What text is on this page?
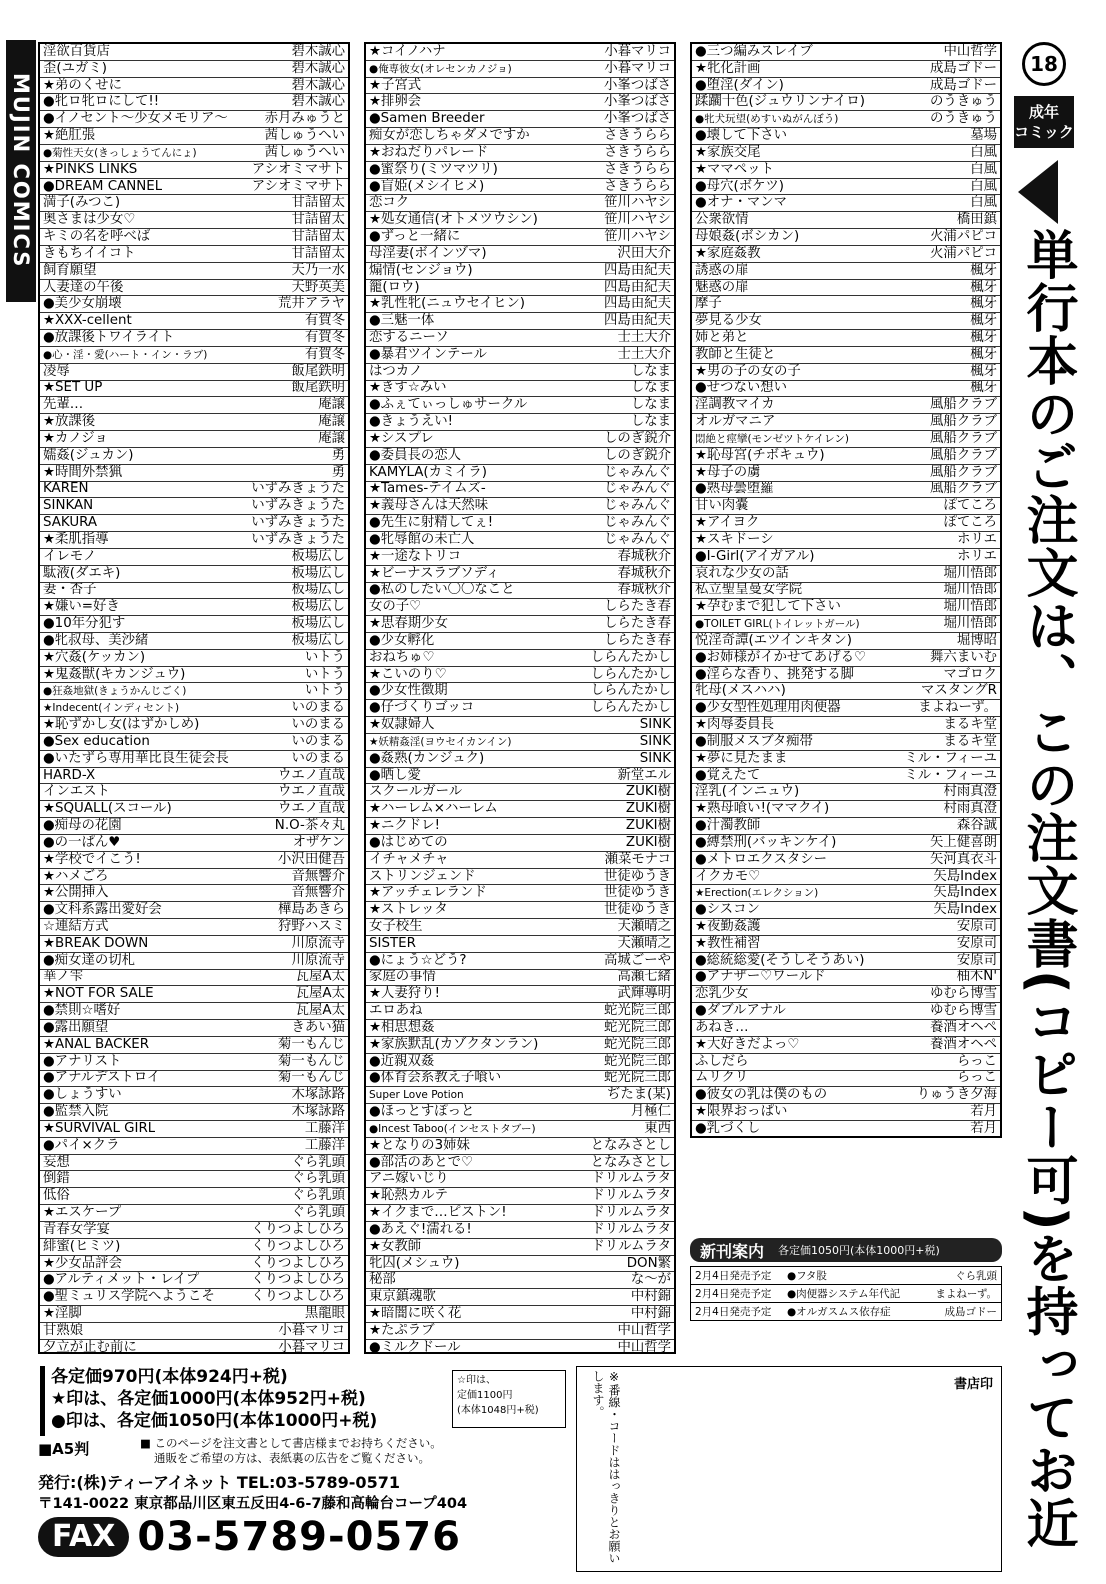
MUJIN COMICS
淫欲百貨店	碧木誠心
歪(ユガミ)	碧木誠心
★弟のくせに	碧木誠心
●牝ロ牝ロにして!!	碧木誠心
●イノセント〜少女メモリア〜	赤月みゅうと
★絶肛張	茜しゅうへい
●菊性天女(きっしょうてんにょ)	茜しゅうへい
★PINKS LINKS	アシオミマサト
●DREAM CANNEL	アシオミマサト
満子(みつこ)	甘詰留太
奥さまは少女♡	甘詰留太
キミの名を呼べば	甘詰留太
きもちイイコト	甘詰留太
飼育願望	天乃一水
人妻達の午後	天野英美
●美少女崩壊	荒井アラヤ
★XXX-cellent	有賀冬
●放課後トワイライト	有賀冬
●心・淫・愛(ハート・イン・ラブ)	有賀冬
凌辱	飯尾鉄明
★SET UP	飯尾鉄明
先輩…	庵譲
★放課後	庵譲
★カノジョ	庵譲
嬬姦(ジュカン)	勇
★時間外禁猟	勇
KAREN	いずみきょうた
SINKAN	いずみきょうた
SAKURA	いずみきょうた
★柔肌指導	いずみきょうた
イレモノ	板場広し
駄液(ダエキ)	板場広し
妻・杏子	板場広し
★嫌い=好き	板場広し
●10年分犯す	板場広し
●牝叔母、美沙緒	板場広し
★穴姦(ケッカン)	いトう
★鬼姦獣(キカンジュウ)	いトう
●狂姦地獄(きょうかんじごく)	いトう
★Indecent(インディセント)	いのまる
★恥ずかし女(はずかしめ)	いのまる
●Sex education	いのまる
●いたずら専用華比良生徒会長	いのまる
HARD-X	ウエノ直哉
インエスト	ウエノ直哉
★SQUALL(スコール)	ウエノ直哉
●痴母の花園	N.O-茶々丸
●の一ぱん♥	オザケン
★学校でイこう!	小沢田健吾
★ハメごろ	音無響介
★公開挿入	音無響介
●文科系露出愛好会	樺島あきら
☆連結方式	狩野ハスミ
★BREAK DOWN	川原流寺
●痴女達の切札	川原流寺
華ノ雫	瓦屋A太
★NOT FOR SALE	瓦屋A太
●禁則☆嗜好	瓦屋A太
●露出願望	きあい猫
★ANAL BACKER	菊一もんじ
●アナリスト	菊一もんじ
●アナルデストロイ	菊一もんじ
●しょうすい	木塚詠路
●監禁入院	木塚詠路
★SURVIVAL GIRL	工藤洋
●パイ×クラ	工藤洋
妄想	ぐら乳頭
倒錯	ぐら乳頭
低俗	ぐら乳頭
★エスケープ	ぐら乳頭
青春女学宴	くりつよしひろ
緋蜜(ヒミツ)	くりつよしひろ
★少女品評会	くりつよしひろ
●アルティメット・レイプ	くりつよしひろ
●聖ミュリス学院へようこそ	くりつよしひろ
★淫脚	黒龍眼
甘熟娘	小暮マリコ
夕立が止む前に	小暮マリコ
★コイノハナ	小暮マリコ
●俺専彼女(オレセンカノジョ)	小暮マリコ
★子宮式	小峯つばさ
★排卵会	小峯つばさ
●Samen Breeder	小峯つばさ
痴女が恋しちゃダメですか	さきうらら
★おねだりパレード	さきうらら
●蜜祭り(ミツマツリ)	さきうらら
●盲姫(メシイヒメ)	さきうらら
恋コク	笹川ハヤシ
★処女通信(オトメツウシン)	笹川ハヤシ
●ずっと一緒に	笹川ハヤシ
母淫妻(ボインヅマ)	沢田大介
煽情(センジョウ)	四島由紀夫
籠(ロウ)	四島由紀夫
★乳性牝(ニュウセイヒン)	四島由紀夫
●三魅一体	四島由紀夫
恋するニーソ	士土大介
●暴君ツインテール	士土大介
はつカノ	しなま
★きす☆みい	しなま
●ふぇてぃっしゅサークル	しなま
●きょうえい!	しなま
★シスプレ	しのぎ鋭介
●委員長の恋人	しのぎ鋭介
KAMYLA(カミイラ)	じゃみんぐ
★Tames-テイムズ-	じゃみんぐ
★義母さんは天然味	じゃみんぐ
●先生に射精してぇ!	じゃみんぐ
●牝辱館の未亡人	じゃみんぐ
★一途なトリコ	春城秋介
★ビーナスラブソディ	春城秋介
●私のしたい〇〇なこと	春城秋介
女の子♡	しらたき春
★思春期少女	しらたき春
●少女孵化	しらたき春
おねちゅ♡	しらんたかし
★こいのり♡	しらんたかし
●少女性徴期	しらんたかし
●仔づくりゴッコ	しらんたかし
★奴隷婦人	SINK
★妖精姦淫(ヨウセイカンイン)	SINK
●姦熟(カンジュク)	SINK
●晒し愛	新堂エル
スクールガール	ZUKI樹
★ハーレム×ハーレム	ZUKI樹
★ニクドレ!	ZUKI樹
●はじめての	ZUKI樹
イチャメチャ	瀬菜モナコ
ストリンジェンド	世徒ゆうき
★アッチェレランド	世徒ゆうき
★ストレッタ	世徒ゆうき
女子校生	天瀬晴之
SISTER	天瀬晴之
●にょう☆どう?	高城ごーや
家庭の事情	高瀬七緒
★人妻狩り!	武輝導明
エロあね	蛇光院三郎
★相思想姦	蛇光院三郎
★家族默乱(カゾクタンラン)	蛇光院三郎
●近親双姦	蛇光院三郎
●体育会系教え子喰い	蛇光院三郎
Super Love Potion	ぢたま(某)
●ほっとすぽっと	月極仁
●Incest Taboo(インセストタブー)	東西
★となりの3姉妹	となみさとし
●部活のあとで♡	となみさとし
アニ嫁いじり	ドリルムラタ
★恥熱カルテ	ドリルムラタ
★イクまで…ピストン!	ドリルムラタ
●あえぐ!濡れる!	ドリルムラタ
★女教師	ドリルムラタ
牝囚(メシュウ)	DON繁
秘部	な〜が
東京鎮魂歌	中村錦
★暗闇に咲く花	中村錦
★たぷラブ	中山哲学
●ミルクドール	中山哲学
●三つ編みスレイブ	中山哲学
★牝化計画	成島ゴドー
●堕淫(ダイン)	成島ゴドー
蹂躙十色(ジュウリンナイロ)	のうきゅう
●牝犬玩望(めすいぬがんぼう)	のうきゅう
●壊して下さい	墓場
★家族交尾	白風
★ママペット	白風
●母穴(ボケツ)	白風
●オナ・マンマ	白風
公衆欲情	橋田鎮
母娘姦(ボシカン)	火浦パピコ
★家庭姦教	火浦パピコ
誘惑の扉	楓牙
魅惑の扉	楓牙
摩子	楓牙
夢見る少女	楓牙
姉と弟と	楓牙
教師と生徒と	楓牙
★男の子の女の子	楓牙
●せつない想い	楓牙
淫調教マイカ	風船クラブ
オルガマニア	風船クラブ
悶絶と痙攣(モンゼツトケイレン)	風船クラブ
★恥母宮(チボキュウ)	風船クラブ
★母子の虜	風船クラブ
●熟母曇堕羅	風船クラブ
甘い肉嚢	ぽてころ
★アイヨク	ぽてころ
★スキドーシ	ホリエ
●I-Girl(アイガアル)	ホリエ
哀れな少女の話	堀川悟郎
私立聖皇曼女学院	堀川悟郎
★孕むまで犯して下さい	堀川悟郎
●TOILET GIRL(トイレットガール)	堀川悟郎
悦淫奇譚(エツインキタン)	堀博昭
●お姉様がイかせてあげる♡	舞六まいむ
●淫らな香り、挑発する脚	マゴロク
牝母(メスハハ)	マスタングR
●少女型性処理用肉便器	まよねーず。
★肉辱委員長	まるキ堂
●制服メスブタ痴帯	まるキ堂
★夢に見たまま	ミル・フィーユ
●覚えたて	ミル・フィーユ
淫乳(インニュウ)	村雨真澄
★熟母喰い!(ママクイ)	村雨真澄
●汁濁教師	森谷誠
●縛禁刑(バッキンケイ)	矢上健喜朗
●メトロエクスタシー	矢河真衣斗
イクカモ♡	矢島Index
★Erection(エレクション)	矢島Index
●シスコン	矢島Index
★夜勤姦護	安原司
★教性補習	安原司
●総統総愛(そうしそうあい)	安原司
●アナザー♡ワールド	柚木N'
恋乳少女	ゆむら博雪
●ダブルアナル	ゆむら博雪
あねき…	養酒オヘペ
★大好きだよっ♡	養酒オヘペ
ふしだら	らっこ
ムリクリ	らっこ
●彼女の乳は僕のもの	りゅうき夕海
★限界おっぱい	若月
●乳づくし	若月
18
成年
コミック
単行本のご注文は、この注文書(コピー可)を持ってお近
新刊案内 各定価1050円(本体1000円+税)
2月4日発売予定	●フタ股	ぐら乳頭
2月4日発売予定	●肉便器システム年代記	まよねーず。
2月4日発売予定	●オルガスムス依存症	成島ゴドー
各定価970円(本体924円+税)
★印は、各定価1000円(本体952円+税)
●印は、各定価1050円(本体1000円+税)
☆印は、
定価1100円
(本体1048円+税)
■A5判	■ このページを注文書として書店様までお持ちください。
通販をご希望の方は、表紙裏の広告をご覧ください。
発行:(株)ティーアイネット TEL:03-5789-0571
〒141-0022 東京都品川区東五反田4-6-7藤和高輪台コープ404
FAX 03-5789-0576
書店印
※番線・コードははっきりとお願いします。
